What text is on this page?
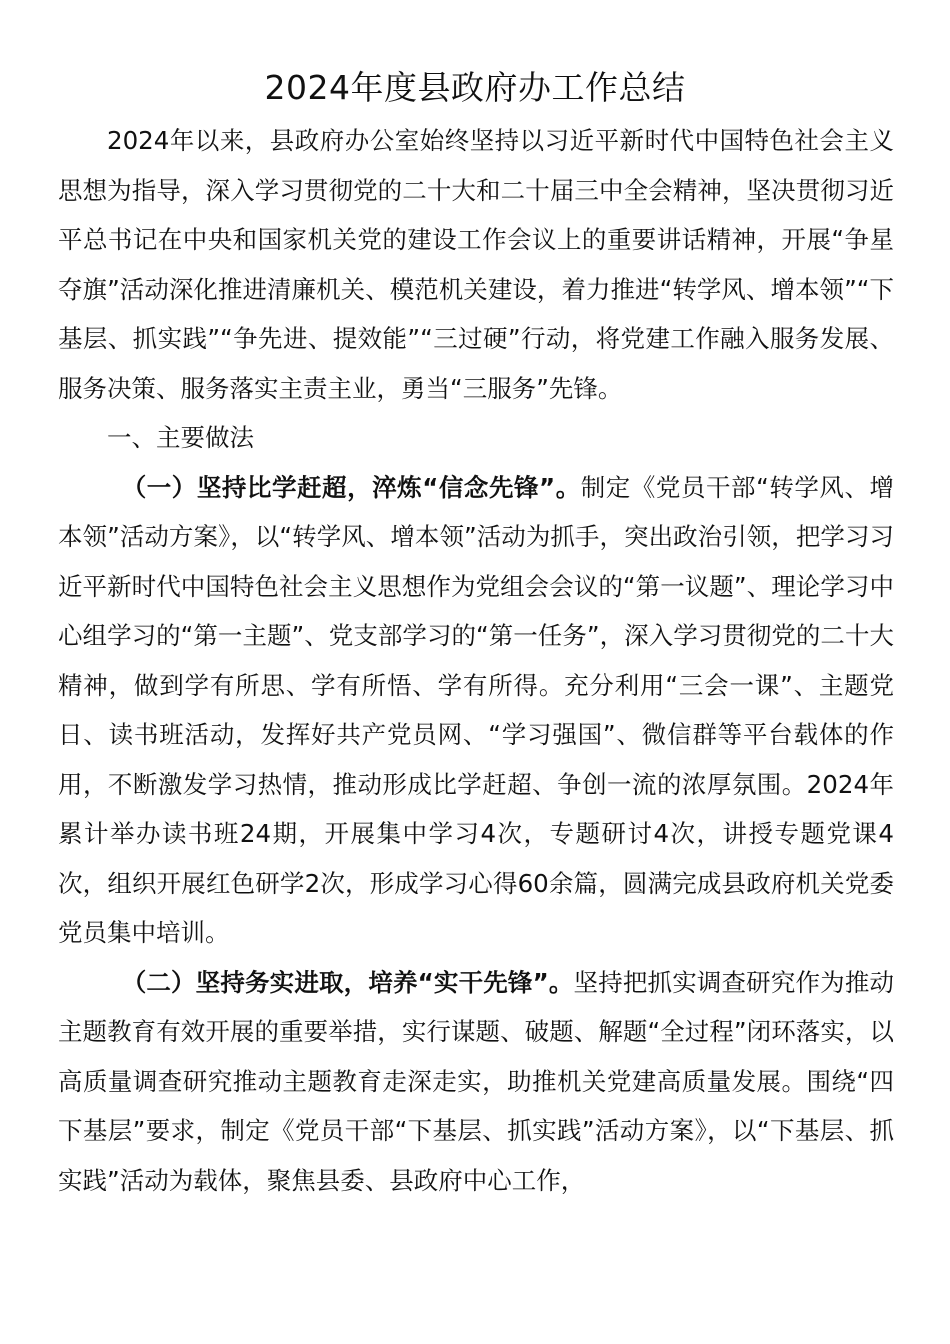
2024年度县政府办工作总结

2024年以来，县政府办公室始终坚持以习近平新时代中国特色社会主义思想为指导，深入学习贯彻党的二十大和二十届三中全会精神，坚决贯彻习近平总书记在中央和国家机关党的建设工作会议上的重要讲话精神，开展“争星夺旗”活动深化推进清廉机关、模范机关建设，着力推进“转学风、增本领”“下基层、抓实践”“争先进、提效能”“三过硬”行动，将党建工作融入服务发展、服务决策、服务落实主责主业，勇当“三服务”先锋。

一、主要做法

（一）坚持比学赶超，淬炼“信念先锋”。制定《党员干部“转学风、增本领”活动方案》，以“转学风、增本领”活动为抓手，突出政治引领，把学习习近平新时代中国特色社会主义思想作为党组会会议的“第一议题”、理论学习中心组学习的“第一主题”、党支部学习的“第一任务”，深入学习贯彻党的二十大精神，做到学有所思、学有所悟、学有所得。充分利用“三会一课”、主题党日、读书班活动，发挥好共产党员网、“学习强国”、微信群等平台载体的作用，不断激发学习热情，推动形成比学赶超、争创一流的浓厚氛围。2024年累计举办读书班24期，开展集中学习4次，专题研讨4次，讲授专题党课4次，组织开展红色研学2次，形成学习心得60余篇，圆满完成县政府机关党委党员集中培训。

（二）坚持务实进取，培养“实干先锋”。坚持把抓实调查研究作为推动主题教育有效开展的重要举措，实行谋题、破题、解题“全过程”闭环落实，以高质量调查研究推动主题教育走深走实，助推机关党建高质量发展。围绕“四下基层”要求，制定《党员干部“下基层、抓实践”活动方案》，以“下基层、抓实践”活动为载体，聚焦县委、县政府中心工作，
